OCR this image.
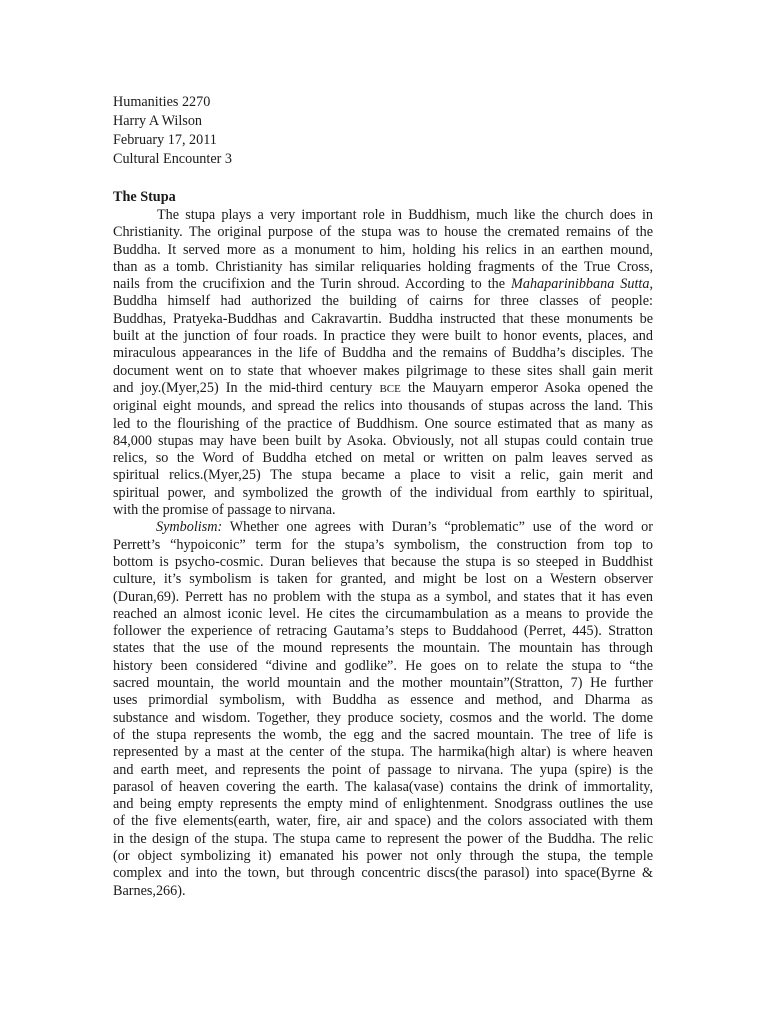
Humanities 2270
Harry A Wilson
February 17, 2011
Cultural Encounter 3
The Stupa
The stupa plays a very important role in Buddhism, much like the church does in
Christianity. The original purpose of the stupa was to house the cremated remains of the
Buddha. It served more as a monument to him, holding his relics in an earthen mound,
than as a tomb. Christianity has similar reliquaries holding fragments of the True Cross,
nails from the crucifixion and the Turin shroud. According to the Mahaparinibbana Sutta,
Buddha himself had authorized the building of cairns for three classes of people:
Buddhas, Pratyeka-Buddhas and Cakravartin. Buddha instructed that these monuments be
built at the junction of four roads. In practice they were built to honor events, places, and
miraculous appearances in the life of Buddha and the remains of Buddha’s disciples. The
document went on to state that whoever makes pilgrimage to these sites shall gain merit
and joy.(Myer,25) In the mid-third century BCE the Mauyarn emperor Asoka opened the
original eight mounds, and spread the relics into thousands of stupas across the land. This
led to the flourishing of the practice of Buddhism. One source estimated that as many as
84,000 stupas may have been built by Asoka. Obviously, not all stupas could contain true
relics, so the Word of Buddha etched on metal or written on palm leaves served as
spiritual relics.(Myer,25) The stupa became a place to visit a relic, gain merit and
spiritual power, and symbolized the growth of the individual from earthly to spiritual,
with the promise of passage to nirvana.
Symbolism: Whether one agrees with Duran’s “problematic” use of the word or
Perrett’s “hypoiconic” term for the stupa’s symbolism, the construction from top to
bottom is psycho-cosmic. Duran believes that because the stupa is so steeped in Buddhist
culture, it’s symbolism is taken for granted, and might be lost on a Western observer
(Duran,69). Perrett has no problem with the stupa as a symbol, and states that it has even
reached an almost iconic level. He cites the circumambulation as a means to provide the
follower the experience of retracing Gautama’s steps to Buddahood (Perret, 445). Stratton
states that the use of the mound represents the mountain. The mountain has through
history been considered “divine and godlike”. He goes on to relate the stupa to “the
sacred mountain, the world mountain and the mother mountain”(Stratton, 7) He further
uses primordial symbolism, with Buddha as essence and method, and Dharma as
substance and wisdom. Together, they produce society, cosmos and the world. The dome
of the stupa represents the womb, the egg and the sacred mountain. The tree of life is
represented by a mast at the center of the stupa. The harmika(high altar) is where heaven
and earth meet, and represents the point of passage to nirvana. The yupa (spire) is the
parasol of heaven covering the earth. The kalasa(vase) contains the drink of immortality,
and being empty represents the empty mind of enlightenment. Snodgrass outlines the use
of the five elements(earth, water, fire, air and space) and the colors associated with them
in the design of the stupa. The stupa came to represent the power of the Buddha. The relic
(or object symbolizing it) emanated his power not only through the stupa, the temple
complex and into the town, but through concentric discs(the parasol) into space(Byrne &
Barnes,266).
